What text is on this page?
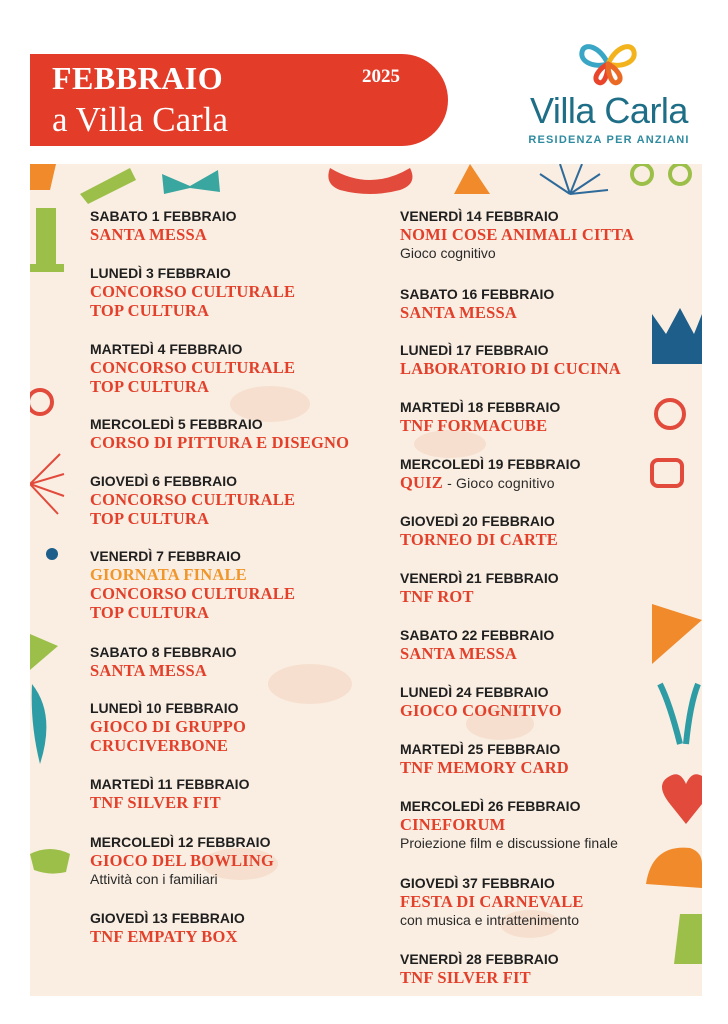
FEBBRAIO
a Villa Carla
2025
Villa Carla
RESIDENZA PER ANZIANI
SABATO 1 FEBBRAIO
SANTA MESSA
LUNEDÌ 3 FEBBRAIO
CONCORSO CULTURALE
TOP CULTURA
MARTEDÌ 4 FEBBRAIO
CONCORSO CULTURALE
TOP CULTURA
MERCOLEDÌ 5 FEBBRAIO
CORSO DI PITTURA E DISEGNO
GIOVEDÌ 6 FEBBRAIO
CONCORSO CULTURALE
TOP CULTURA
VENERDÌ 7 FEBBRAIO
GIORNATA FINALE
CONCORSO CULTURALE
TOP CULTURA
SABATO 8 FEBBRAIO
SANTA MESSA
LUNEDÌ 10 FEBBRAIO
GIOCO DI GRUPPO
CRUCIVERBONE
MARTEDÌ 11 FEBBRAIO
TNF SILVER FIT
MERCOLEDÌ 12 FEBBRAIO
GIOCO DEL BOWLING
Attività con i familiari
GIOVEDÌ 13 FEBBRAIO
TNF EMPATY BOX
VENERDÌ 14 FEBBRAIO
NOMI COSE ANIMALI CITTA
Gioco cognitivo
SABATO 16 FEBBRAIO
SANTA MESSA
LUNEDÌ 17 FEBBRAIO
LABORATORIO DI CUCINA
MARTEDÌ 18 FEBBRAIO
TNF FORMACUBE
MERCOLEDÌ 19 FEBBRAIO
QUIZ - Gioco cognitivo
GIOVEDÌ 20 FEBBRAIO
TORNEO DI CARTE
VENERDÌ 21 FEBBRAIO
TNF ROT
SABATO 22 FEBBRAIO
SANTA MESSA
LUNEDÌ 24 FEBBRAIO
GIOCO COGNITIVO
MARTEDÌ 25 FEBBRAIO
TNF MEMORY CARD
MERCOLEDÌ 26 FEBBRAIO
CINEFORUM
Proiezione film e discussione finale
GIOVEDÌ 37 FEBBRAIO
FESTA DI CARNEVALE
con musica e intrattenimento
VENERDÌ 28 FEBBRAIO
TNF SILVER FIT
